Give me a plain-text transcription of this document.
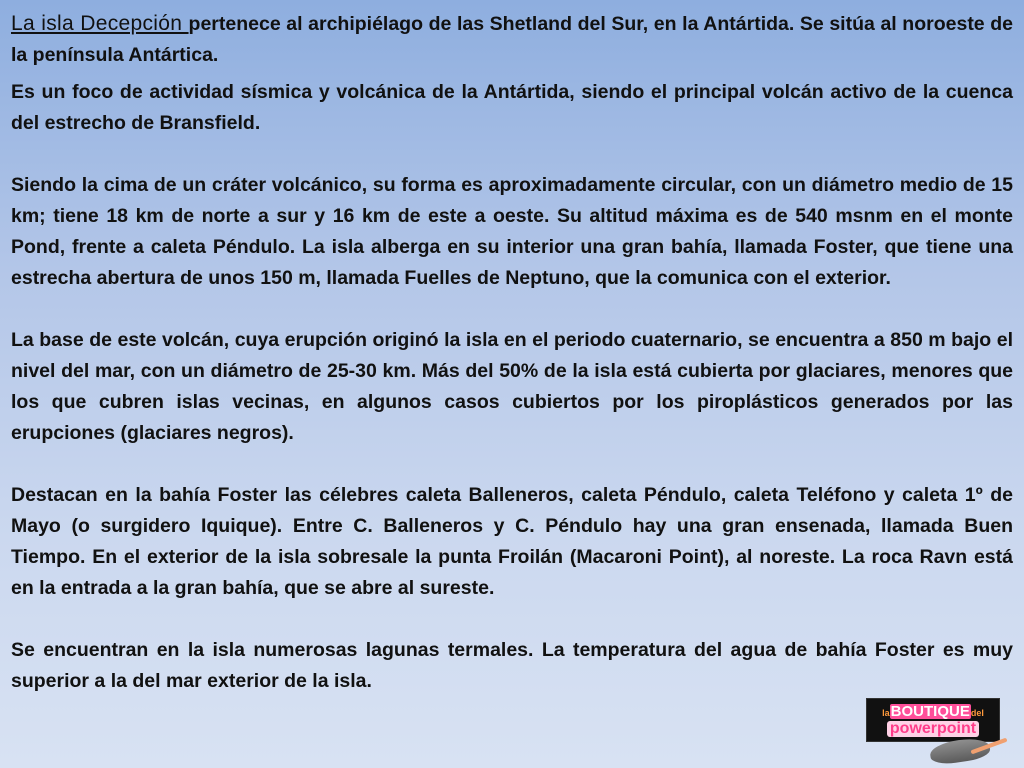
La isla Decepción pertenece al archipiélago de las Shetland del Sur, en la Antártida. Se sitúa al noroeste de la península Antártica.

Es un foco de actividad sísmica y volcánica de la Antártida, siendo el principal volcán activo de la cuenca del estrecho de Bransfield.

Siendo la cima de un cráter volcánico, su forma es aproximadamente circular, con un diámetro medio de 15 km; tiene 18 km de norte a sur y 16 km de este a oeste. Su altitud máxima es de 540 msnm en el monte Pond, frente a caleta Péndulo. La isla alberga en su interior una gran bahía, llamada Foster, que tiene una estrecha abertura de unos 150 m, llamada Fuelles de Neptuno, que la comunica con el exterior.

La base de este volcán, cuya erupción originó la isla en el periodo cuaternario, se encuentra a 850 m bajo el nivel del mar, con un diámetro de 25-30 km. Más del 50% de la isla está cubierta por glaciares, menores que los que cubren islas vecinas, en algunos casos cubiertos por los piroplásticos generados por las erupciones (glaciares negros).

Destacan en la bahía Foster las célebres caleta Balleneros, caleta Péndulo, caleta Teléfono y caleta 1º de Mayo (o surgidero Iquique). Entre C. Balleneros y C. Péndulo hay una gran ensenada, llamada Buen Tiempo. En el exterior de la isla sobresale la punta Froilán (Macaroni Point), al noreste. La roca Ravn está en la entrada a la gran bahía, que se abre al sureste.

Se encuentran en la isla numerosas lagunas termales. La temperatura del agua de bahía Foster es muy superior a la del mar exterior de la isla.

la BOUTIQUE del
powerpoint
